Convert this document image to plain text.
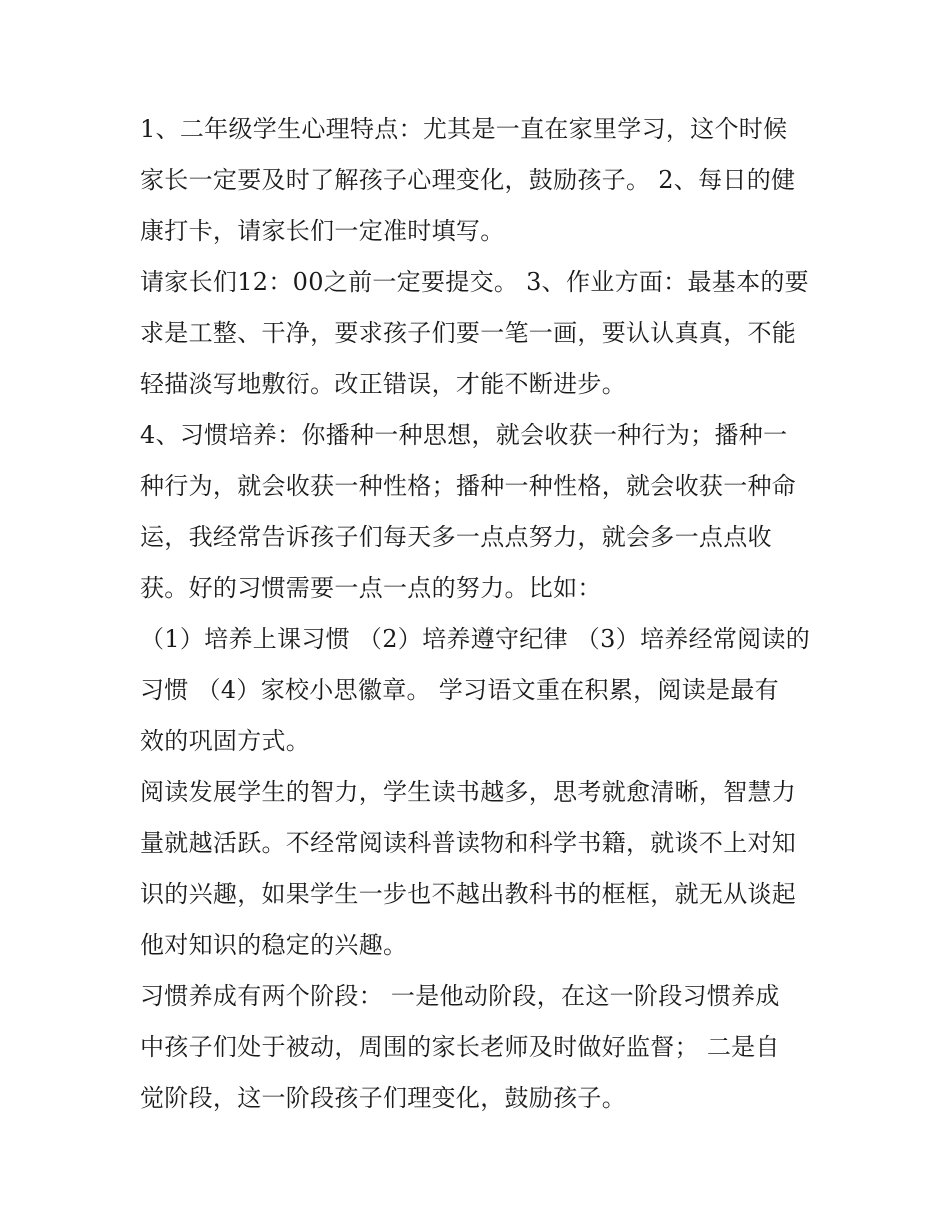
1、二年级学生心理特点：尤其是一直在家里学习，这个时候
家长一定要及时了解孩子心理变化，鼓励孩子。 2、每日的健
康打卡，请家长们一定准时填写。

请家长们12：00之前一定要提交。 3、作业方面：最基本的要
求是工整、干净，要求孩子们要一笔一画，要认认真真，不能
轻描淡写地敷衍。改正错误，才能不断进步。

4、习惯培养：你播种一种思想，就会收获一种行为；播种一
种行为，就会收获一种性格；播种一种性格，就会收获一种命
运，我经常告诉孩子们每天多一点点努力，就会多一点点收
获。好的习惯需要一点一点的努力。比如：

（1）培养上课习惯 （2）培养遵守纪律 （3）培养经常阅读的
习惯 （4）家校小思徽章。 学习语文重在积累，阅读是最有
效的巩固方式。

阅读发展学生的智力，学生读书越多，思考就愈清晰，智慧力
量就越活跃。不经常阅读科普读物和科学书籍，就谈不上对知
识的兴趣，如果学生一步也不越出教科书的框框，就无从谈起
他对知识的稳定的兴趣。

习惯养成有两个阶段： 一是他动阶段，在这一阶段习惯养成
中孩子们处于被动，周围的家长老师及时做好监督； 二是自
觉阶段，这一阶段孩子们理变化，鼓励孩子。
